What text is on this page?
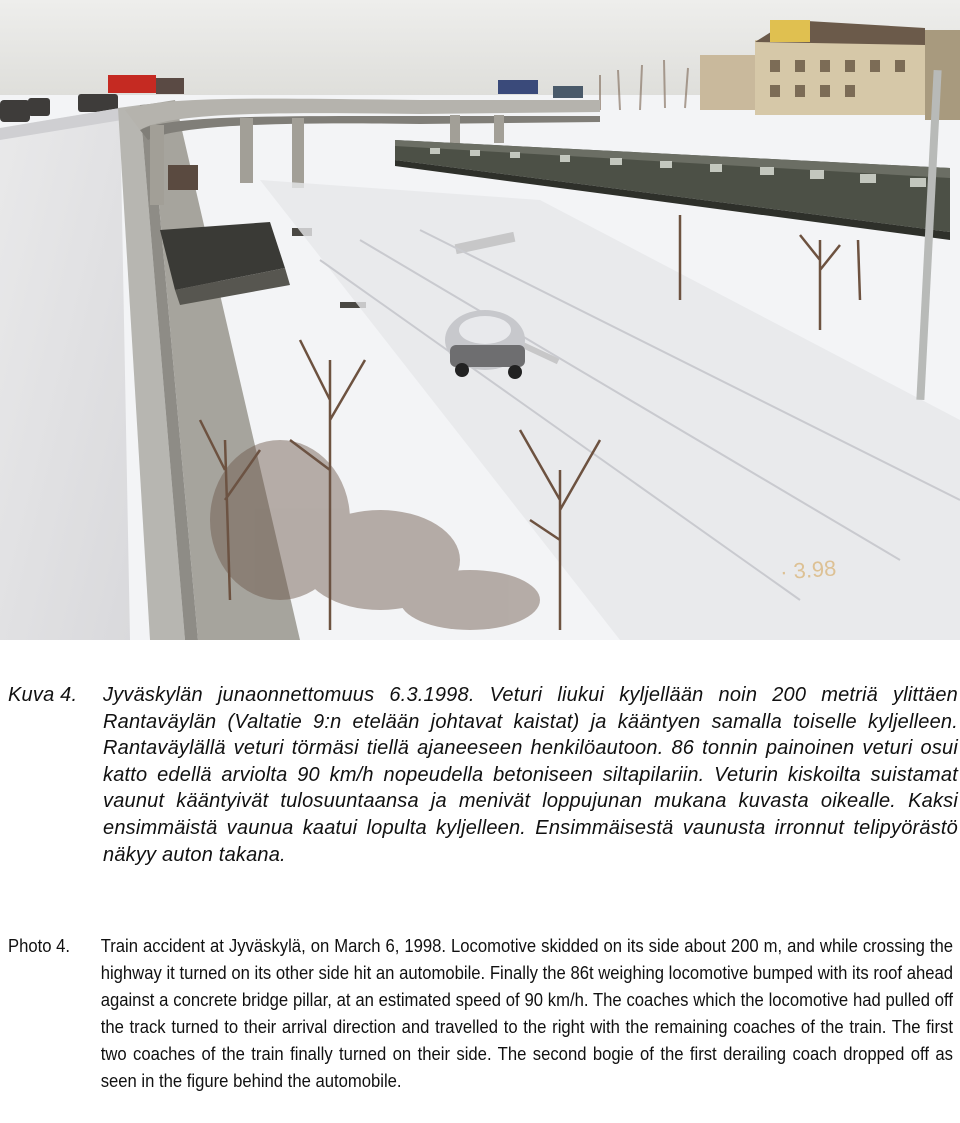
· 3.98
Kuva 4. Jyväskylän junaonnettomuus 6.3.1998. Veturi liukui kyljellään noin 200 metriä ylittäen Rantaväylän (Valtatie 9:n etelään johtavat kaistat) ja kääntyen samalla toiselle kyljelleen. Rantaväylällä veturi törmäsi tiellä ajaneeseen henkilöautoon. 86 tonnin painoinen veturi osui katto edellä arviolta 90 km/h nopeudella betoniseen siltapilariin. Veturin kiskoilta suistamat vaunut kääntyivät tulosuuntaansa ja menivät loppujunan mukana kuvasta oikealle. Kaksi ensimmäistä vaunua kaatui lopulta kyljelleen. Ensimmäisestä vaunusta irronnut telipyörästö näkyy auton takana.

Photo 4. Train accident at Jyväskylä, on March 6, 1998. Locomotive skidded on its side about 200 m, and while crossing the highway it turned on its other side hit an automobile. Finally the 86t weighing locomotive bumped with its roof ahead against a concrete bridge pillar, at an estimated speed of 90 km/h. The coaches which the locomotive had pulled off the track turned to their arrival direction and travelled to the right with the remaining coaches of the train. The first two coaches of the train finally turned on their side. The second bogie of the first derailing coach dropped off as seen in the figure behind the automobile.
